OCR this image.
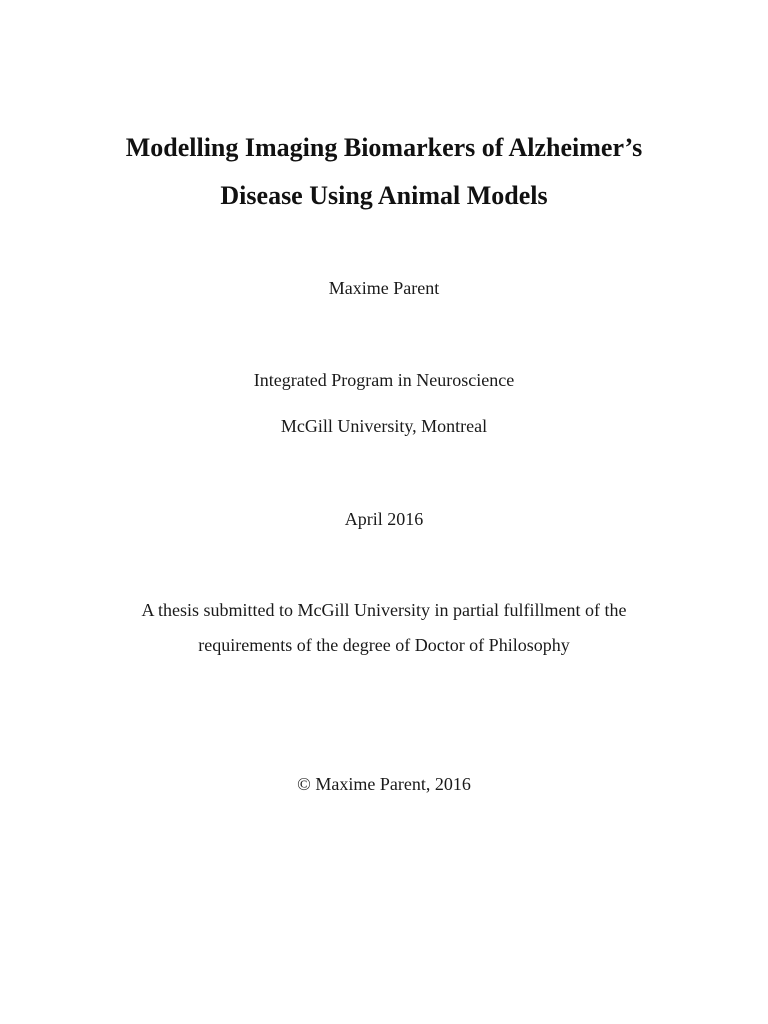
Modelling Imaging Biomarkers of Alzheimer’s
Disease Using Animal Models
Maxime Parent
Integrated Program in Neuroscience
McGill University, Montreal
April 2016
A thesis submitted to McGill University in partial fulfillment of the
requirements of the degree of Doctor of Philosophy
© Maxime Parent, 2016
